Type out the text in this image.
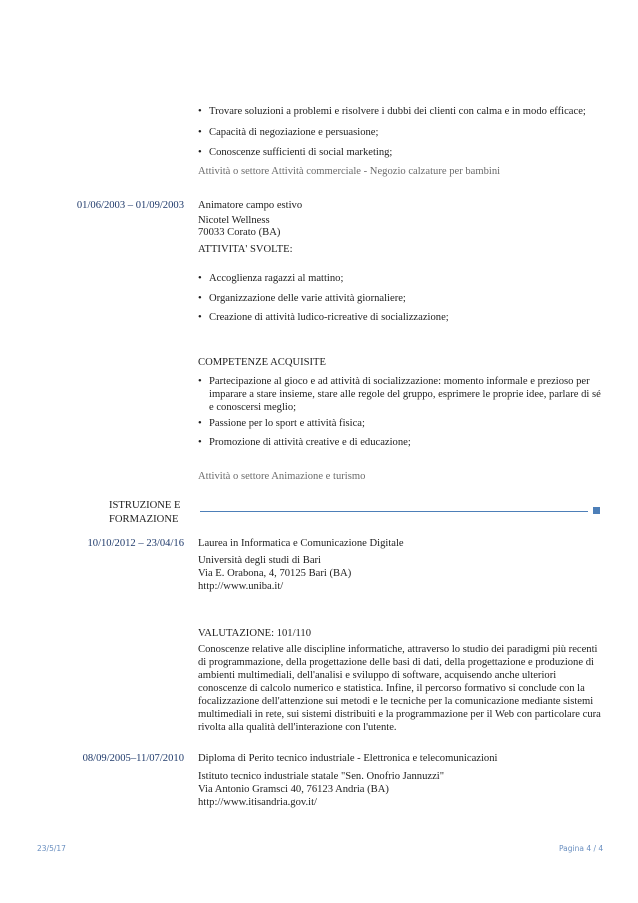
• Trovare soluzioni a problemi e risolvere i dubbi dei clienti con calma e in modo efficace;
• Capacità di negoziazione e persuasione;
• Conoscenze sufficienti di social marketing;
Attività o settore Attività commerciale - Negozio calzature per bambini
01/06/2003 – 01/09/2003 Animatore campo estivo
Nicotel Wellness
70033 Corato (BA)
ATTIVITA' SVOLTE:
• Accoglienza ragazzi al mattino;
• Organizzazione delle varie attività giornaliere;
• Creazione di attività ludico-ricreative di socializzazione;
COMPETENZE ACQUISITE
• Partecipazione al gioco e ad attività di socializzazione: momento informale e prezioso per imparare a stare insieme, stare alle regole del gruppo, esprimere le proprie idee, parlare di sé e conoscersi meglio;
• Passione per lo sport e attività fisica;
• Promozione di attività creative e di educazione;
Attività o settore Animazione e turismo
ISTRUZIONE E
FORMAZIONE
10/10/2012 – 23/04/16 Laurea in Informatica e Comunicazione Digitale
Università degli studi di Bari
Via E. Orabona, 4, 70125 Bari (BA)
http://www.uniba.it/
VALUTAZIONE: 101/110
Conoscenze relative alle discipline informatiche, attraverso lo studio dei paradigmi più recenti di programmazione, della progettazione delle basi di dati, della progettazione e produzione di ambienti multimediali, dell'analisi e sviluppo di software, acquisendo anche ulteriori conoscenze di calcolo numerico e statistica. Infine, il percorso formativo si conclude con la focalizzazione dell'attenzione sui metodi e le tecniche per la comunicazione mediante sistemi multimediali in rete, sui sistemi distribuiti e la programmazione per il Web con particolare cura rivolta alla qualità dell'interazione con l'utente.
08/09/2005–11/07/2010 Diploma di Perito tecnico industriale - Elettronica e telecomunicazioni
Istituto tecnico industriale statale "Sen. Onofrio Jannuzzi"
Via Antonio Gramsci 40, 76123 Andria (BA)
http://www.itisandria.gov.it/
23/5/17	Pagina 4 / 4
